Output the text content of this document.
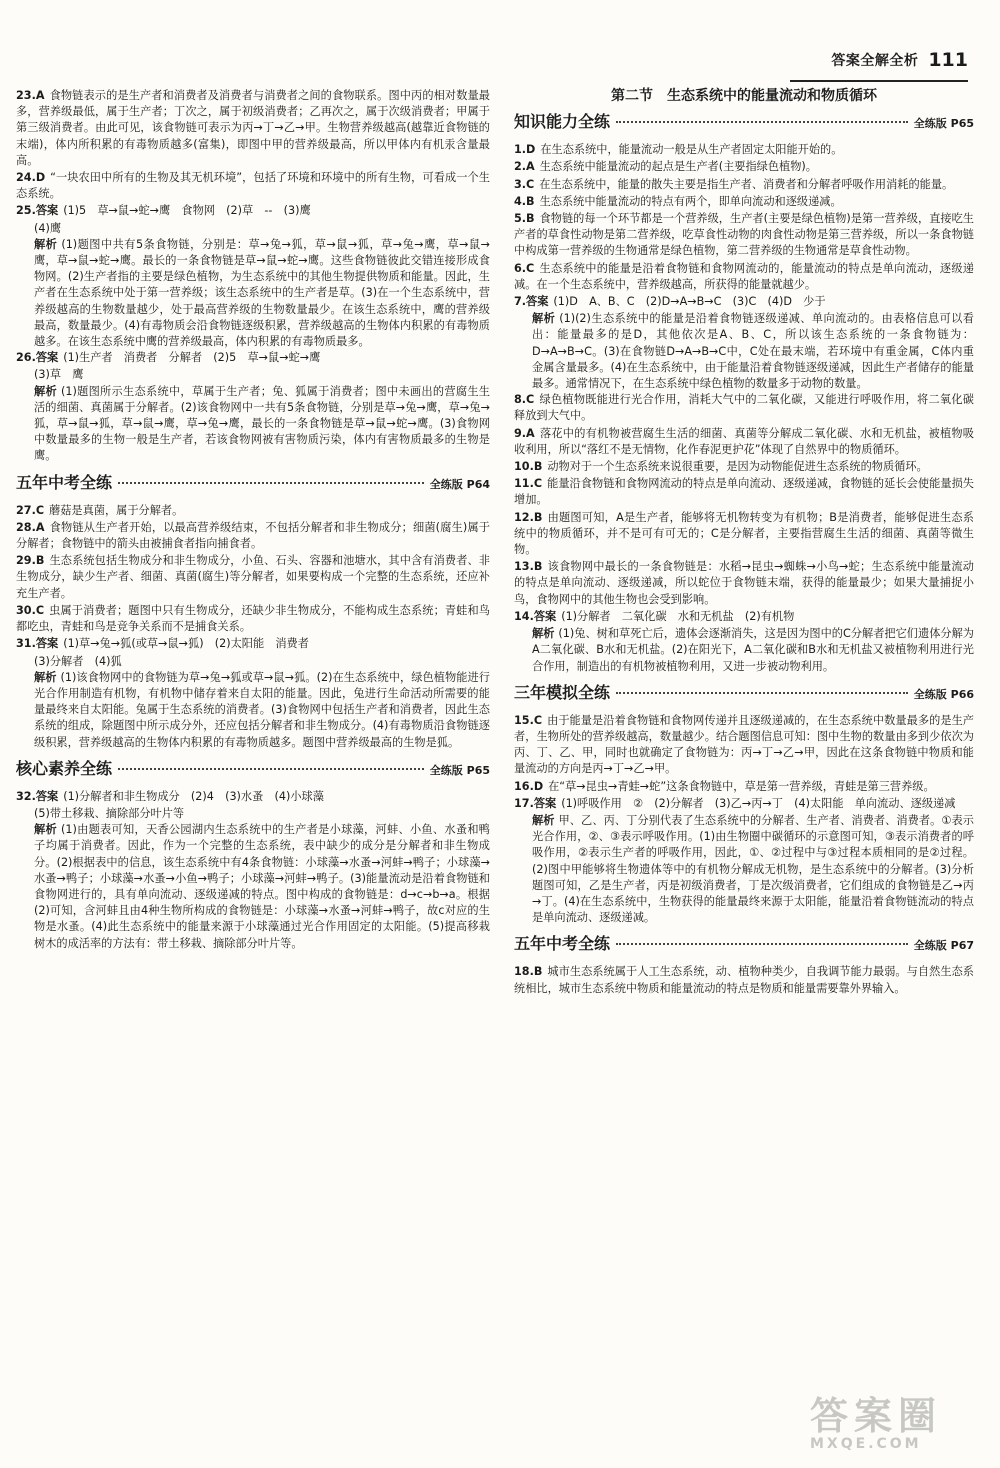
答案全解全析 111
23.A 食物链表示的是生产者和消费者及消费者与消费者之间的食物联系。图中丙的相对数量最多，营养级最低，属于生产者；丁次之，属于初级消费者；乙再次之，属于次级消费者；甲属于第三级消费者。由此可见，该食物链可表示为丙→丁→乙→甲。生物营养级越高(越靠近食物链的末端)，体内所积累的有毒物质越多(富集)，即图中甲的营养级最高，所以甲体内有机汞含量最高。
24.D “一块农田中所有的生物及其无机环境”，包括了环境和环境中的所有生物，可看成一个生态系统。
25.答案 (1)5　草→鼠→蛇→鹰　食物网　(2)草　--　(3)鹰
(4)鹰
解析 (1)题图中共有5条食物链，分别是：草→兔→狐，草→鼠→狐，草→兔→鹰，草→鼠→鹰，草→鼠→蛇→鹰。最长的一条食物链是草→鼠→蛇→鹰。这些食物链彼此交错连接形成食物网。(2)生产者指的主要是绿色植物，为生态系统中的其他生物提供物质和能量。因此，生产者在生态系统中处于第一营养级；该生态系统中的生产者是草。(3)在一个生态系统中，营养级越高的生物数量越少，处于最高营养级的生物数量最少。在该生态系统中，鹰的营养级最高，数量最少。(4)有毒物质会沿食物链逐级积累，营养级越高的生物体内积累的有毒物质越多。在该生态系统中鹰的营养级最高，体内积累的有毒物质最多。
26.答案 (1)生产者　消费者　分解者　(2)5　草→鼠→蛇→鹰
(3)草　鹰
解析 (1)题图所示生态系统中，草属于生产者；兔、狐属于消费者；图中未画出的营腐生生活的细菌、真菌属于分解者。(2)该食物网中一共有5条食物链，分别是草→兔→鹰，草→兔→狐，草→鼠→狐，草→鼠→鹰，草→兔→鹰，最长的一条食物链是草→鼠→蛇→鹰。(3)食物网中数量最多的生物一般是生产者，若该食物网被有害物质污染，体内有害物质最多的生物是鹰。
五年中考全练	全练版 P64
27.C 蘑菇是真菌，属于分解者。
28.A 食物链从生产者开始，以最高营养级结束，不包括分解者和非生物成分；细菌(腐生)属于分解者；食物链中的箭头由被捕食者指向捕食者。
29.B 生态系统包括生物成分和非生物成分，小鱼、石头、容器和池塘水，其中含有消费者、非生物成分，缺少生产者、细菌、真菌(腐生)等分解者，如果要构成一个完整的生态系统，还应补充生产者。
30.C 虫属于消费者；题图中只有生物成分，还缺少非生物成分，不能构成生态系统；青蛙和鸟都吃虫，青蛙和鸟是竞争关系而不是捕食关系。
31.答案 (1)草→兔→狐(或草→鼠→狐)　(2)太阳能　消费者
(3)分解者　(4)狐
解析 (1)该食物网中的食物链为草→兔→狐或草→鼠→狐。(2)在生态系统中，绿色植物能进行光合作用制造有机物，有机物中储存着来自太阳的能量。因此，兔进行生命活动所需要的能量最终来自太阳能。兔属于生态系统的消费者。(3)食物网中包括生产者和消费者，因此生态系统的组成，除题图中所示成分外，还应包括分解者和非生物成分。(4)有毒物质沿食物链逐级积累，营养级越高的生物体内积累的有毒物质越多。题图中营养级最高的生物是狐。
核心素养全练	全练版 P65
32.答案 (1)分解者和非生物成分　(2)4　(3)水蚤　(4)小球藻
(5)带土移栽、摘除部分叶片等
解析 (1)由题表可知，天香公园湖内生态系统中的生产者是小球藻，河蚌、小鱼、水蚤和鸭子均属于消费者。因此，作为一个完整的生态系统，表中缺少的成分是分解者和非生物成分。(2)根据表中的信息，该生态系统中有4条食物链：小球藻→水蚤→河蚌→鸭子；小球藻→水蚤→鸭子；小球藻→水蚤→小鱼→鸭子；小球藻→河蚌→鸭子。(3)能量流动是沿着食物链和食物网进行的，具有单向流动、逐级递减的特点。图中构成的食物链是：d→c→b→a。根据(2)可知，含河蚌且由4种生物所构成的食物链是：小球藻→水蚤→河蚌→鸭子，故c对应的生物是水蚤。(4)此生态系统中的能量来源于小球藻通过光合作用固定的太阳能。(5)提高移栽树木的成活率的方法有：带土移栽、摘除部分叶片等。
第二节　生态系统中的能量流动和物质循环
知识能力全练	全练版 P65
1.D 在生态系统中，能量流动一般是从生产者固定太阳能开始的。
2.A 生态系统中能量流动的起点是生产者(主要指绿色植物)。
3.C 在生态系统中，能量的散失主要是指生产者、消费者和分解者呼吸作用消耗的能量。
4.B 生态系统中能量流动的特点有两个，即单向流动和逐级递减。
5.B 食物链的每一个环节都是一个营养级，生产者(主要是绿色植物)是第一营养级，直接吃生产者的草食性动物是第二营养级，吃草食性动物的肉食性动物是第三营养级，所以一条食物链中构成第一营养级的生物通常是绿色植物，第二营养级的生物通常是草食性动物。
6.C 生态系统中的能量是沿着食物链和食物网流动的，能量流动的特点是单向流动，逐级递减。在一个生态系统中，营养级越高，所获得的能量就越少。
7.答案 (1)D　A、B、C　(2)D→A→B→C　(3)C　(4)D　少于
解析 (1)(2)生态系统中的能量是沿着食物链逐级递减、单向流动的。由表格信息可以看出：能量最多的是D，其他依次是A、B、C，所以该生态系统的一条食物链为：D→A→B→C。(3)在食物链D→A→B→C中，C处在最末端，若环境中有重金属，C体内重金属含量最多。(4)在生态系统中，由于能量沿着食物链逐级递减，因此生产者储存的能量最多。通常情况下，在生态系统中绿色植物的数量多于动物的数量。
8.C 绿色植物既能进行光合作用，消耗大气中的二氧化碳，又能进行呼吸作用，将二氧化碳释放到大气中。
9.A 落花中的有机物被营腐生生活的细菌、真菌等分解成二氧化碳、水和无机盐，被植物吸收利用，所以“落红不是无情物，化作春泥更护花”体现了自然界中的物质循环。
10.B 动物对于一个生态系统来说很重要，是因为动物能促进生态系统的物质循环。
11.C 能量沿食物链和食物网流动的特点是单向流动、逐级递减，食物链的延长会使能量损失增加。
12.B 由题图可知，A是生产者，能够将无机物转变为有机物；B是消费者，能够促进生态系统中的物质循环，并不是可有可无的；C是分解者，主要指营腐生生活的细菌、真菌等微生物。
13.B 该食物网中最长的一条食物链是：水稻→昆虫→蜘蛛→小鸟→蛇；生态系统中能量流动的特点是单向流动、逐级递减，所以蛇位于食物链末端，获得的能量最少；如果大量捕捉小鸟，食物网中的其他生物也会受到影响。
14.答案 (1)分解者　二氧化碳　水和无机盐　(2)有机物
解析 (1)兔、树和草死亡后，遗体会逐渐消失，这是因为图中的C分解者把它们遗体分解为A二氧化碳、B水和无机盐。(2)在阳光下，A二氧化碳和B水和无机盐又被植物利用进行光合作用，制造出的有机物被植物利用，又进一步被动物利用。
三年模拟全练	全练版 P66
15.C 由于能量是沿着食物链和食物网传递并且逐级递减的，在生态系统中数量最多的是生产者，生物所处的营养级越高，数量越少。结合题图信息可知：图中生物的数量由多到少依次为丙、丁、乙、甲，同时也就确定了食物链为：丙→丁→乙→甲，因此在这条食物链中物质和能量流动的方向是丙→丁→乙→甲。
16.D 在“草→昆虫→青蛙→蛇”这条食物链中，草是第一营养级，青蛙是第三营养级。
17.答案 (1)呼吸作用　②　(2)分解者　(3)乙→丙→丁　(4)太阳能　单向流动、逐级递减
解析 甲、乙、丙、丁分别代表了生态系统中的分解者、生产者、消费者、消费者。①表示光合作用，②、③表示呼吸作用。(1)由生物圈中碳循环的示意图可知，③表示消费者的呼吸作用，②表示生产者的呼吸作用，因此，①、②过程中与③过程本质相同的是②过程。(2)图中甲能够将生物遗体等中的有机物分解成无机物，是生态系统中的分解者。(3)分析题图可知，乙是生产者，丙是初级消费者，丁是次级消费者，它们组成的食物链是乙→丙→丁。(4)在生态系统中，生物获得的能量最终来源于太阳能，能量沿着食物链流动的特点是单向流动、逐级递减。
五年中考全练	全练版 P67
18.B 城市生态系统属于人工生态系统，动、植物种类少，自我调节能力最弱。与自然生态系统相比，城市生态系统中物质和能量流动的特点是物质和能量需要靠外界输入。
答案圈
MXQE.COM
